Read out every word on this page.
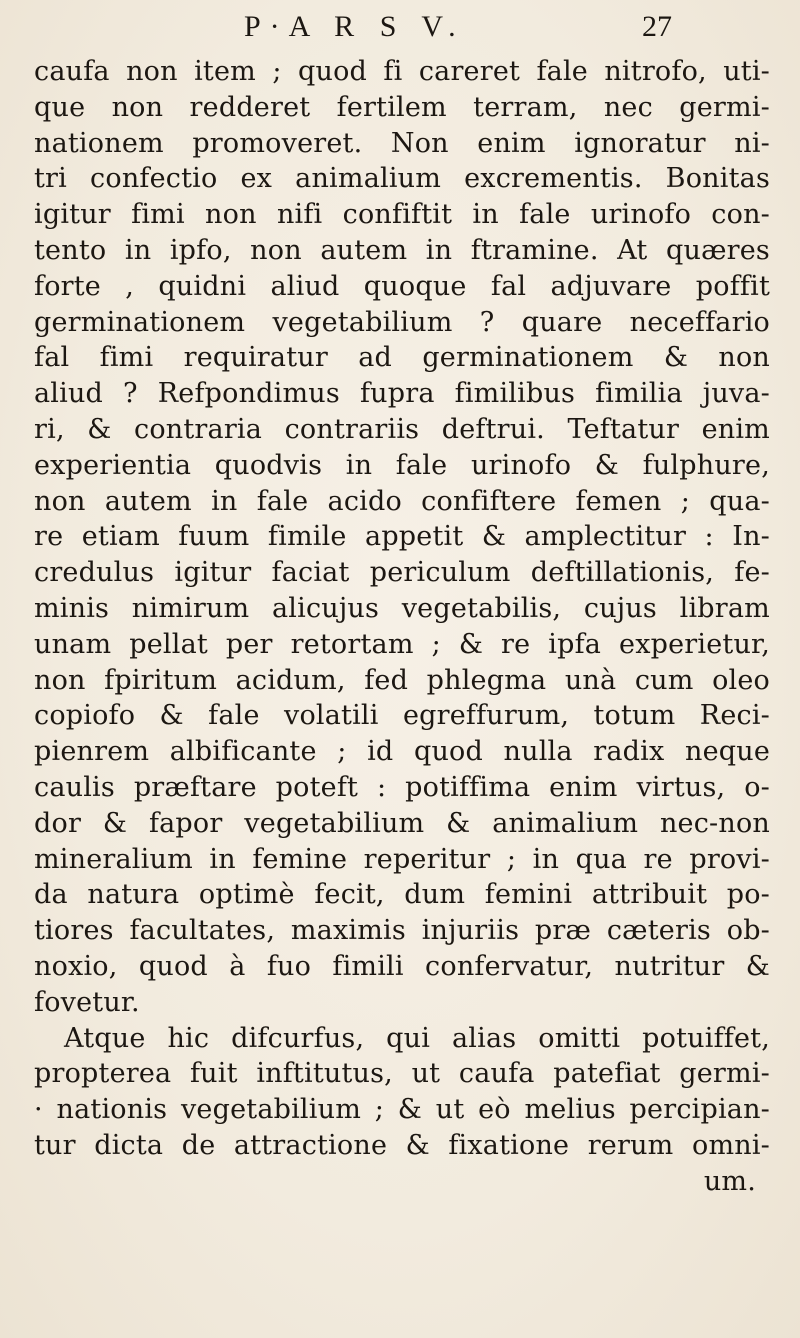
P·A R S V.	27
caufa non item ; quod fi careret fale nitrofo, uti-
que non redderet fertilem terram, nec germi-
nationem promoveret. Non enim ignoratur ni-
tri confectio ex animalium excrementis. Bonitas
igitur fimi non nifi confiftit in fale urinofo con-
tento in ipfo, non autem in ftramine. At quæres
forte , quidni aliud quoque fal adjuvare poffit
germinationem vegetabilium ? quare neceffario
fal fimi requiratur ad germinationem & non
aliud ? Refpondimus fupra fimilibus fimilia juva-
ri, & contraria contrariis deftrui. Teftatur enim
experientia quodvis in fale urinofo & fulphure,
non autem in fale acido confiftere femen ; qua-
re etiam fuum fimile appetit & amplectitur : In-
credulus igitur faciat periculum deftillationis, fe-
minis nimirum alicujus vegetabilis, cujus libram
unam pellat per retortam ; & re ipfa experietur,
non fpiritum acidum, fed phlegma unà cum oleo
copiofo & fale volatili egreffurum, totum Reci-
pienrem albificante ; id quod nulla radix neque
caulis præftare poteft : potiffima enim virtus, o-
dor & fapor vegetabilium & animalium nec-non
mineralium in femine reperitur ; in qua re provi-
da natura optimè fecit, dum femini attribuit po-
tiores facultates, maximis injuriis præ cæteris ob-
noxio, quod à fuo fimili confervatur, nutritur &
fovetur.
Atque hic difcurfus, qui alias omitti potuiffet,
propterea fuit inftitutus, ut caufa patefiat germi-
· nationis vegetabilium ; & ut eò melius percipian-
tur dicta de attractione & fixatione rerum omni-
um.
